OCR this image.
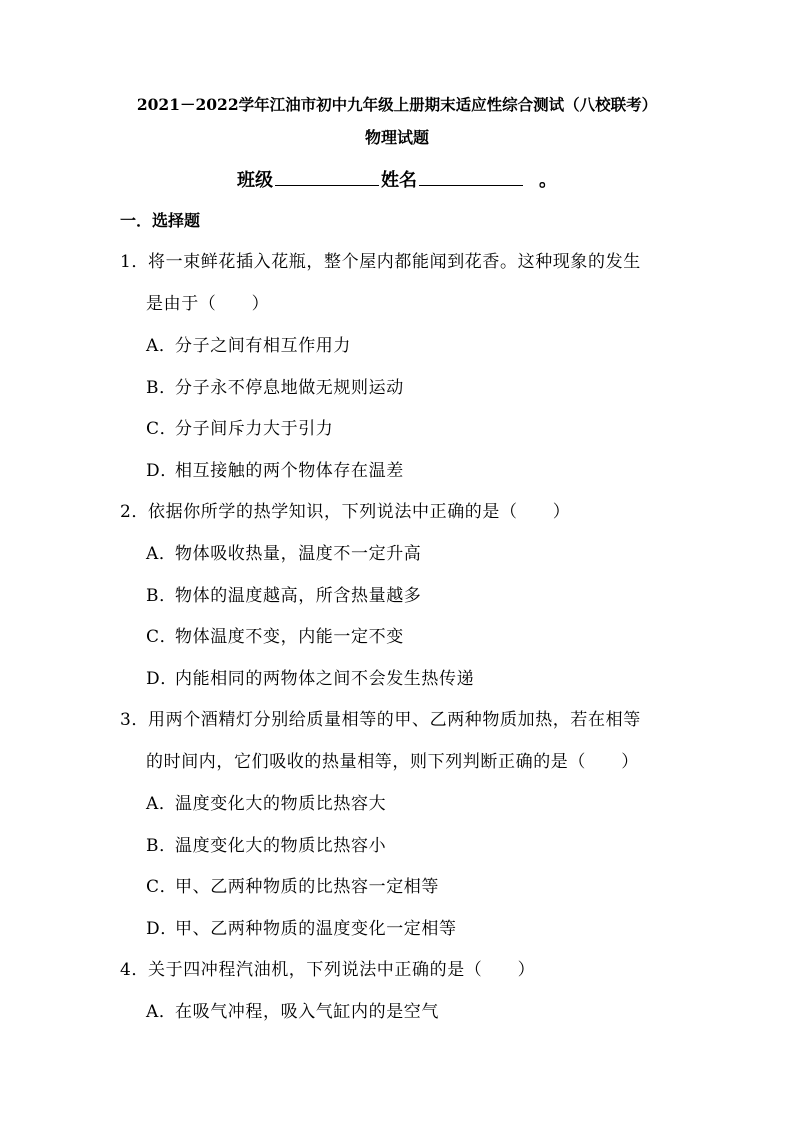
2021－2022学年江油市初中九年级上册期末适应性综合测试（八校联考）
物理试题
班级	姓名	。
一．选择题
1．将一束鲜花插入花瓶，整个屋内都能闻到花香。这种现象的发生
是由于（　　）
A．分子之间有相互作用力
B．分子永不停息地做无规则运动
C．分子间斥力大于引力
D．相互接触的两个物体存在温差
2．依据你所学的热学知识，下列说法中正确的是（　　）
A．物体吸收热量，温度不一定升高
B．物体的温度越高，所含热量越多
C．物体温度不变，内能一定不变
D．内能相同的两物体之间不会发生热传递
3．用两个酒精灯分别给质量相等的甲、乙两种物质加热，若在相等
的时间内，它们吸收的热量相等，则下列判断正确的是（　　）
A．温度变化大的物质比热容大
B．温度变化大的物质比热容小
C．甲、乙两种物质的比热容一定相等
D．甲、乙两种物质的温度变化一定相等
4．关于四冲程汽油机，下列说法中正确的是（　　）
A．在吸气冲程，吸入气缸内的是空气
